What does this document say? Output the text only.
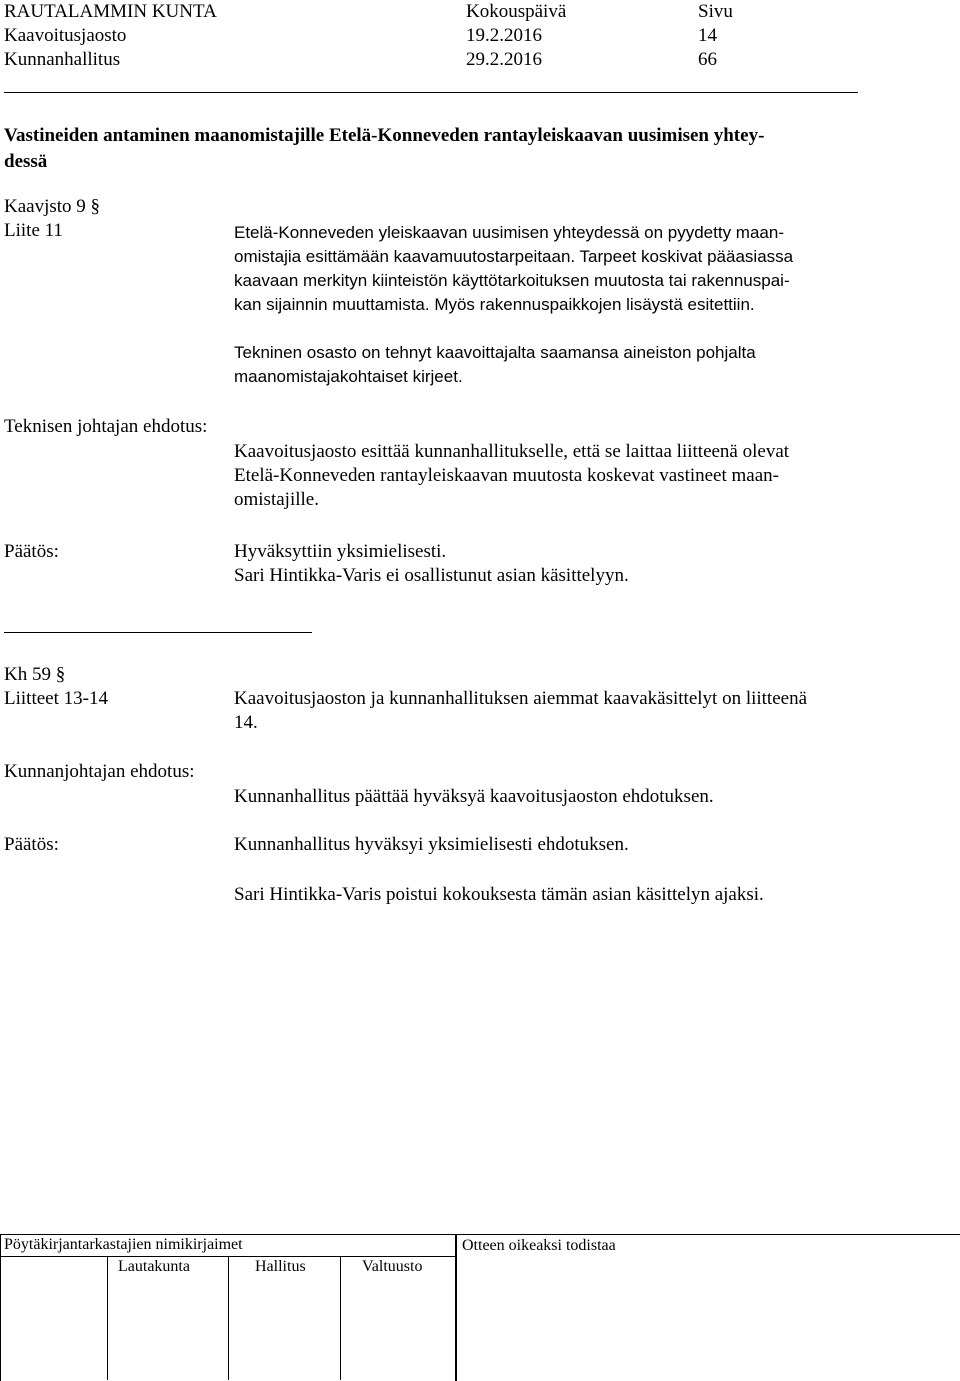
RAUTALAMMIN KUNTA	Kokouspäivä	Sivu
Kaavoitusjaosto	19.2.2016	14
Kunnanhallitus	29.2.2016	66
Vastineiden antaminen maanomistajille Etelä-Konneveden rantayleiskaavan uusimisen yhtey-
dessä
Kaavjsto 9 §
Liite 11	Etelä-Konneveden yleiskaavan uusimisen yhteydessä on pyydetty maan-
omistajia esittämään kaavamuutostarpeitaan. Tarpeet koskivat pääasiassa
kaavaan merkityn kiinteistön käyttötarkoituksen muutosta tai rakennuspai-
kan sijainnin muuttamista. Myös rakennuspaikkojen lisäystä esitettiin.
Tekninen osasto on tehnyt kaavoittajalta saamansa aineiston pohjalta
maanomistajakohtaiset kirjeet.
Teknisen johtajan ehdotus:
Kaavoitusjaosto esittää kunnanhallitukselle, että se laittaa liitteenä olevat
Etelä-Konneveden rantayleiskaavan muutosta koskevat vastineet maan-
omistajille.
Päätös:	Hyväksyttiin yksimielisesti.
Sari Hintikka-Varis ei osallistunut asian käsittelyyn.
Kh 59 §
Liitteet 13-14	Kaavoitusjaoston ja kunnanhallituksen aiemmat kaavakäsittelyt on liitteenä
14.
Kunnanjohtajan ehdotus:
Kunnanhallitus päättää hyväksyä kaavoitusjaoston ehdotuksen.
Päätös:	Kunnanhallitus hyväksyi yksimielisesti ehdotuksen.
Sari Hintikka-Varis poistui kokouksesta tämän asian käsittelyn ajaksi.
Pöytäkirjantarkastajien nimikirjaimet
Lautakunta	Hallitus	Valtuusto
Otteen oikeaksi todistaa
